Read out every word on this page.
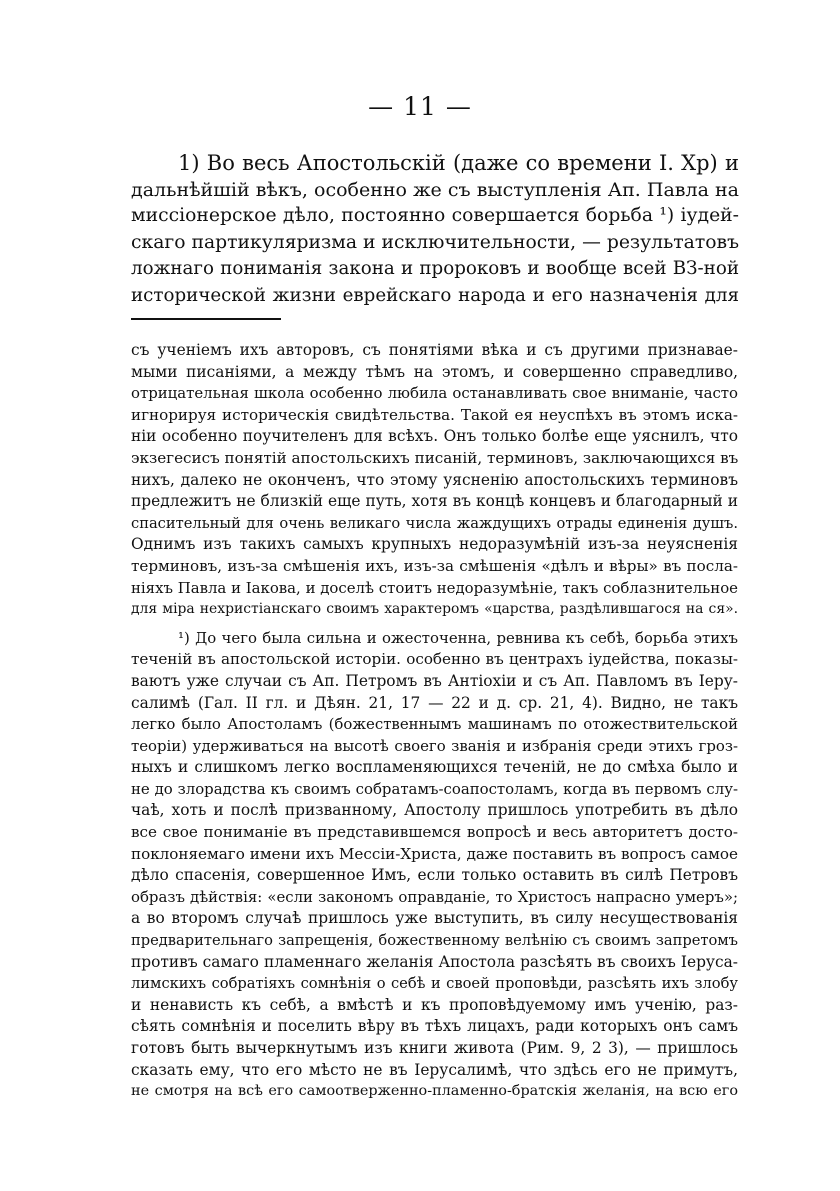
— 11 —
1) Во весь Апостольскій (даже со времени І. Хр) и
дальнѣйшій вѣкъ, особенно же съ выступленія Ап. Павла на
миссіонерское дѣло, постоянно совершается борьба ¹) іудей-
скаго партикуляризма и исключительности, — результатовъ
ложнаго пониманія закона и пророковъ и вообще всей ВЗ-ной
исторической жизни еврейскаго народа и его назначенія для
съ ученіемъ ихъ авторовъ, съ понятіями вѣка и съ другими признавае-
мыми писаніями, а между тѣмъ на этомъ, и совершенно справедливо,
отрицательная школа особенно любила останавливать свое вниманіе, часто
игнорируя историческія свидѣтельства. Такой ея неуспѣхъ въ этомъ иска-
ніи особенно поучителенъ для всѣхъ. Онъ только болѣе еще уяснилъ, что
экзегесисъ понятій апостольскихъ писаній, терминовъ, заключающихся въ
нихъ, далеко не оконченъ, что этому уясненію апостольскихъ терминовъ
предлежитъ не близкій еще путь, хотя въ концѣ концевъ и благодарный и
спасительный для очень великаго числа жаждущихъ отрады единенія душъ.
Однимъ изъ такихъ самыхъ крупныхъ недоразумѣній изъ-за неуясненія
терминовъ, изъ-за смѣшенія ихъ, изъ-за смѣшенія «дѣлъ и вѣры» въ посла-
ніяхъ Павла и Іакова, и доселѣ стоитъ недоразумѣніе, такъ соблазнительное
для міра нехристіанскаго своимъ характеромъ «царства, раздѣлившагося на ся».
¹) До чего была сильна и ожесточенна, ревнива къ себѣ, борьба этихъ
теченій въ апостольской исторіи. особенно въ центрахъ іудейства, показы-
ваютъ уже случаи съ Ап. Петромъ въ Антіохіи и съ Ап. Павломъ въ Іеру-
салимѣ (Гал. II гл. и Дѣян. 21, 17 — 22 и д. ср. 21, 4). Видно, не такъ
легко было Апостоламъ (божественнымъ машинамъ по отожествительской
теоріи) удерживаться на высотѣ своего званія и избранія среди этихъ гроз-
ныхъ и слишкомъ легко воспламеняющихся теченій, не до смѣха было и
не до злорадства къ своимъ собратамъ-соапостоламъ, когда въ первомъ слу-
чаѣ, хоть и послѣ призванному, Апостолу пришлось употребить въ дѣло
все свое пониманіе въ представившемся вопросѣ и весь авторитетъ досто-
поклоняемаго имени ихъ Мессіи-Христа, даже поставить въ вопросъ самое
дѣло спасенія, совершенное Имъ, если только оставить въ силѣ Петровъ
образъ дѣйствія: «если закономъ оправданіе, то Христосъ напрасно умеръ»;
а во второмъ случаѣ пришлось уже выступить, въ силу несуществованія
предварительнаго запрещенія, божественному велѣнію съ своимъ запретомъ
противъ самаго пламеннаго желанія Апостола разсѣять въ своихъ Іеруса-
лимскихъ собратіяхъ сомнѣнія о себѣ и своей проповѣди, разсѣять ихъ злобу
и ненависть къ себѣ, а вмѣстѣ и къ проповѣдуемому имъ ученію, раз-
сѣять сомнѣнія и поселить вѣру въ тѣхъ лицахъ, ради которыхъ онъ самъ
готовъ быть вычеркнутымъ изъ книги живота (Рим. 9, 2 3), — пришлось
сказать ему, что его мѣсто не въ Іерусалимѣ, что здѣсь его не примутъ,
не смотря на всѣ его самоотверженно-пламенно-братскія желанія, на всю его
